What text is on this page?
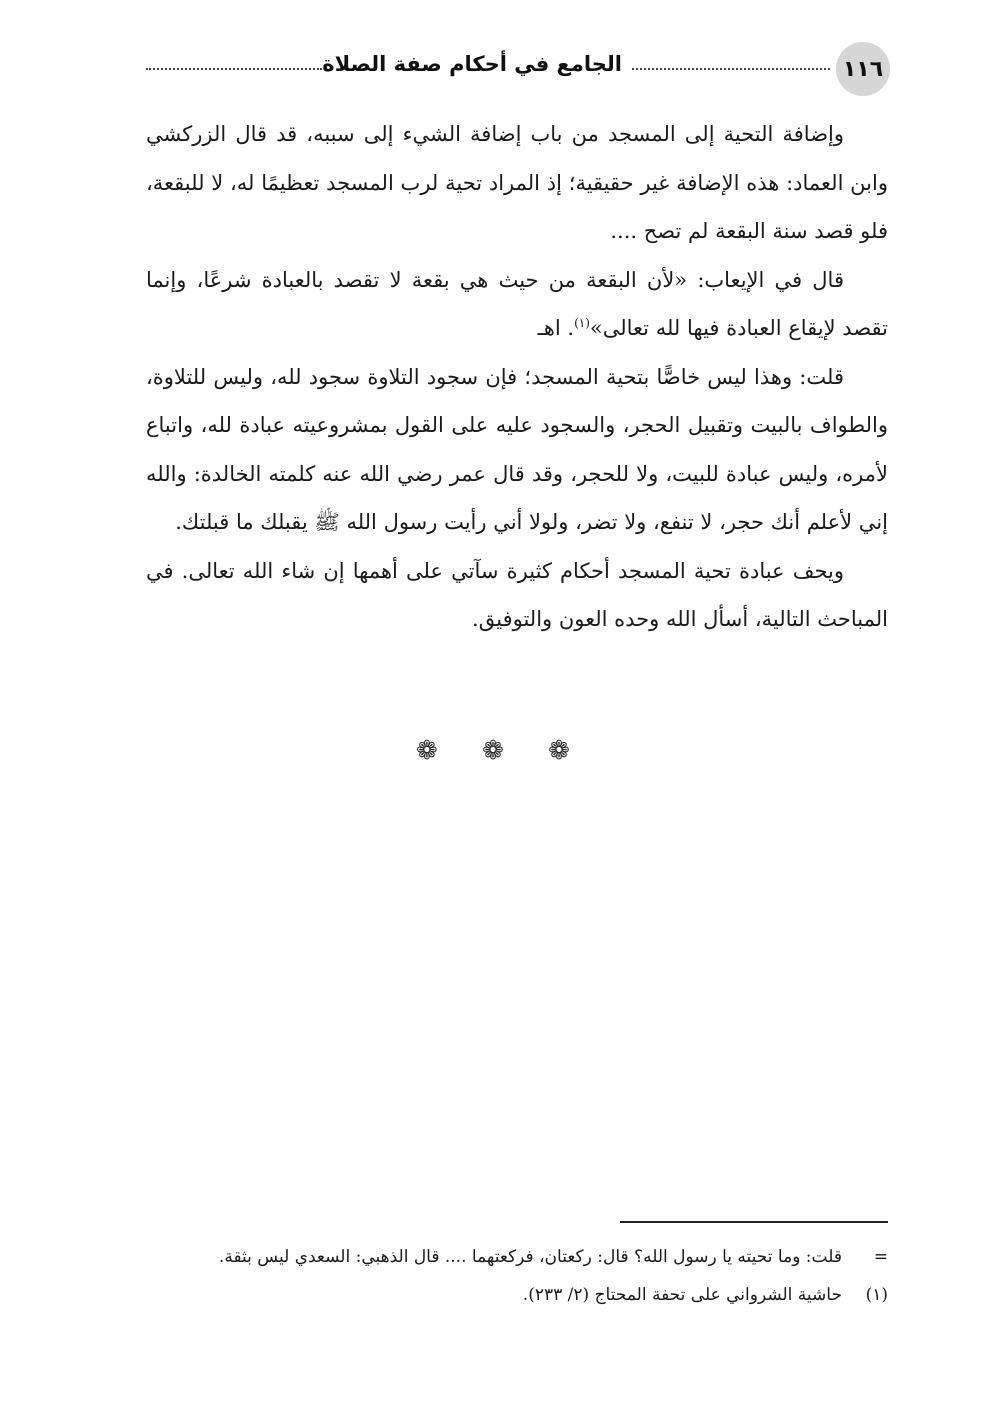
١١٦
الجامع في أحكام صفة الصلاة

وإضافة التحية إلى المسجد من باب إضافة الشيء إلى سببه، قد قال الزركشي وابن العماد: هذه الإضافة غير حقيقية؛ إذ المراد تحية لرب المسجد تعظيمًا له، لا للبقعة، فلو قصد سنة البقعة لم تصح ....

قال في الإيعاب: «لأن البقعة من حيث هي بقعة لا تقصد بالعبادة شرعًا، وإنما تقصد لإيقاع العبادة فيها لله تعالى»$^{(١)}$. اهـ

قلت: وهذا ليس خاصًّا بتحية المسجد؛ فإن سجود التلاوة سجود لله، وليس للتلاوة، والطواف بالبيت وتقبيل الحجر، والسجود عليه على القول بمشروعيته عبادة لله، واتباع لأمره، وليس عبادة للبيت، ولا للحجر، وقد قال عمر رضي الله عنه كلمته الخالدة: والله إني لأعلم أنك حجر، لا تنفع، ولا تضر، ولولا أني رأيت رسول الله ﷺ يقبلك ما قبلتك.

ويحف عبادة تحية المسجد أحكام كثيرة سآتي على أهمها إن شاء الله تعالى. في المباحث التالية، أسأل الله وحده العون والتوفيق.

❁ ❁ ❁
=
قلت: وما تحيته يا رسول الله؟ قال: ركعتان، فركعتهما .... قال الذهبي: السعدي ليس بثقة.
(١)
حاشية الشرواني على تحفة المحتاج (٢/ ٢٣٣).
